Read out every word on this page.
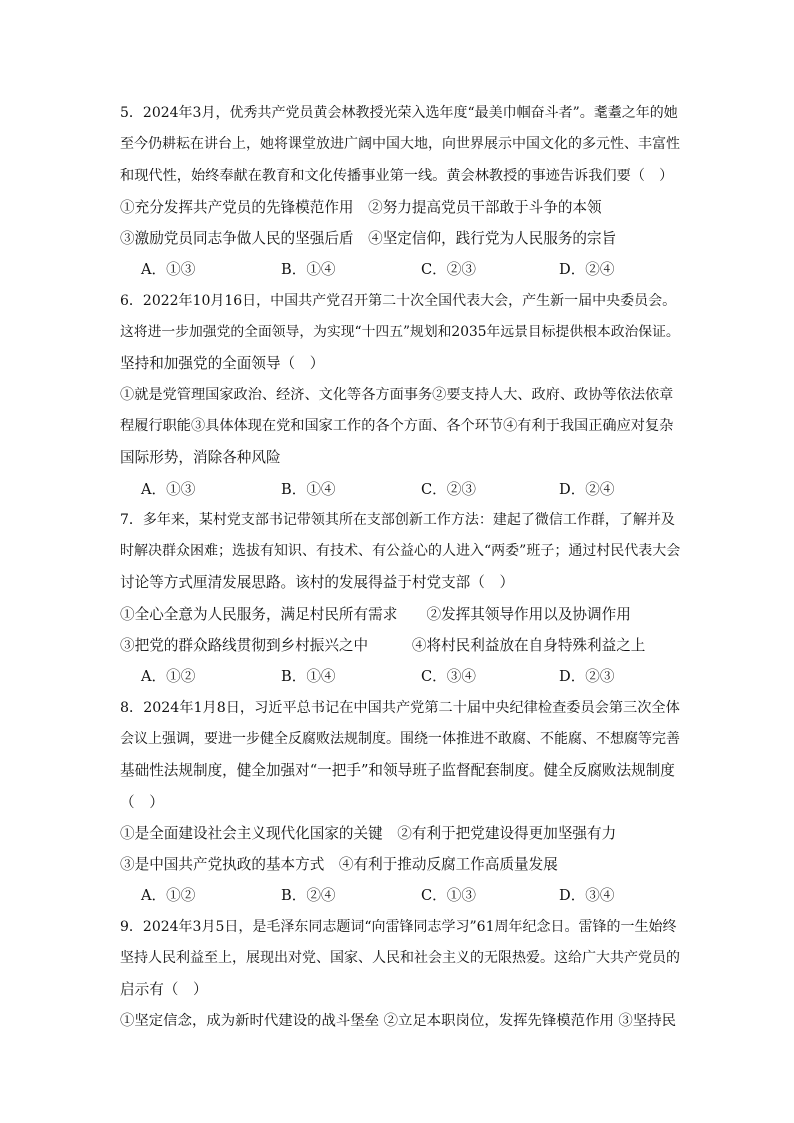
5．2024年3月，优秀共产党员黄会林教授光荣入选年度“最美巾帼奋斗者”。耄耋之年的她
至今仍耕耘在讲台上，她将课堂放进广阔中国大地，向世界展示中国文化的多元性、丰富性
和现代性，始终奉献在教育和文化传播事业第一线。黄会林教授的事迹告诉我们要（　）
①充分发挥共产党员的先锋模范作用　②努力提高党员干部敢于斗争的本领
③激励党员同志争做人民的坚强后盾　④坚定信仰，践行党为人民服务的宗旨
A．①③	B．①④	C．②③	D．②④
6．2022年10月16日，中国共产党召开第二十次全国代表大会，产生新一届中央委员会。
这将进一步加强党的全面领导，为实现“十四五”规划和2035年远景目标提供根本政治保证。
坚持和加强党的全面领导（　）
①就是党管理国家政治、经济、文化等各方面事务②要支持人大、政府、政协等依法依章
程履行职能③具体体现在党和国家工作的各个方面、各个环节④有利于我国正确应对复杂
国际形势，消除各种风险
A．①③	B．①④	C．②③	D．②④
7．多年来，某村党支部书记带领其所在支部创新工作方法：建起了微信工作群，了解并及
时解决群众困难；选拔有知识、有技术、有公益心的人进入“两委”班子；通过村民代表大会
讨论等方式厘清发展思路。该村的发展得益于村党支部（　）
①全心全意为人民服务，满足村民所有需求　　②发挥其领导作用以及协调作用
③把党的群众路线贯彻到乡村振兴之中　　　④将村民利益放在自身特殊利益之上
A．①②	B．①④	C．③④	D．②③
8．2024年1月8日，习近平总书记在中国共产党第二十届中央纪律检查委员会第三次全体
会议上强调，要进一步健全反腐败法规制度。围绕一体推进不敢腐、不能腐、不想腐等完善
基础性法规制度，健全加强对“一把手”和领导班子监督配套制度。健全反腐败法规制度
（　）
①是全面建设社会主义现代化国家的关键　②有利于把党建设得更加坚强有力
③是中国共产党执政的基本方式　④有利于推动反腐工作高质量发展
A．①②	B．②④	C．①③	D．③④
9．2024年3月5日，是毛泽东同志题词“向雷锋同志学习”61周年纪念日。雷锋的一生始终
坚持人民利益至上，展现出对党、国家、人民和社会主义的无限热爱。这给广大共产党员的
启示有（　）
①坚定信念，成为新时代建设的战斗堡垒 ②立足本职岗位，发挥先锋模范作用 ③坚持民
